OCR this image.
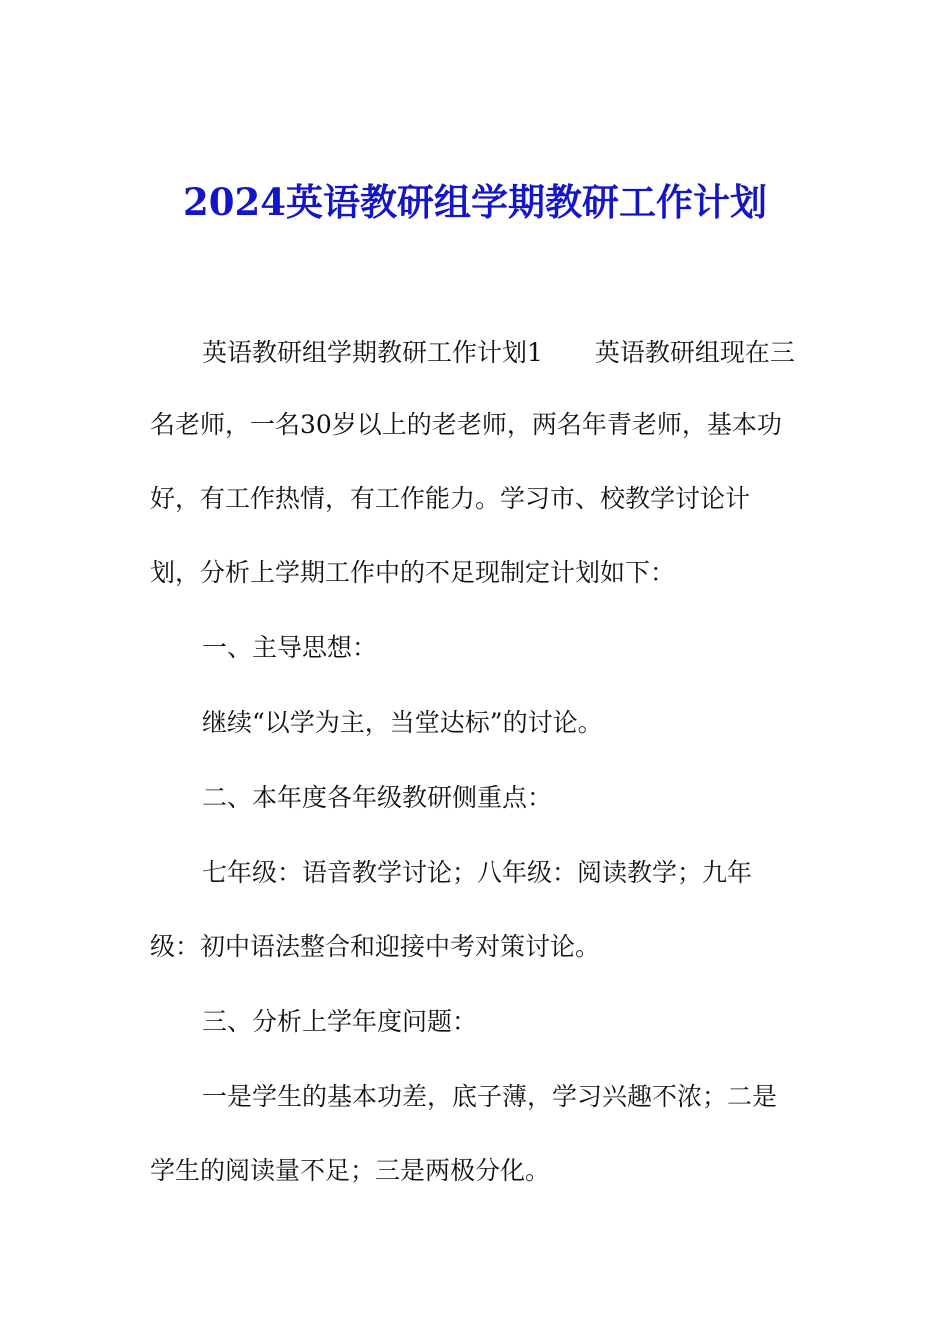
2024英语教研组学期教研工作计划
英语教研组学期教研工作计划1 英语教研组现在三
名老师，一名30岁以上的老老师，两名年青老师，基本功
好，有工作热情，有工作能力。学习市、校教学讨论计
划，分析上学期工作中的不足现制定计划如下：
一、主导思想：
继续“以学为主，当堂达标”的讨论。
二、本年度各年级教研侧重点：
七年级：语音教学讨论；八年级：阅读教学；九年
级：初中语法整合和迎接中考对策讨论。
三、分析上学年度问题：
一是学生的基本功差，底子薄，学习兴趣不浓；二是
学生的阅读量不足；三是两极分化。
